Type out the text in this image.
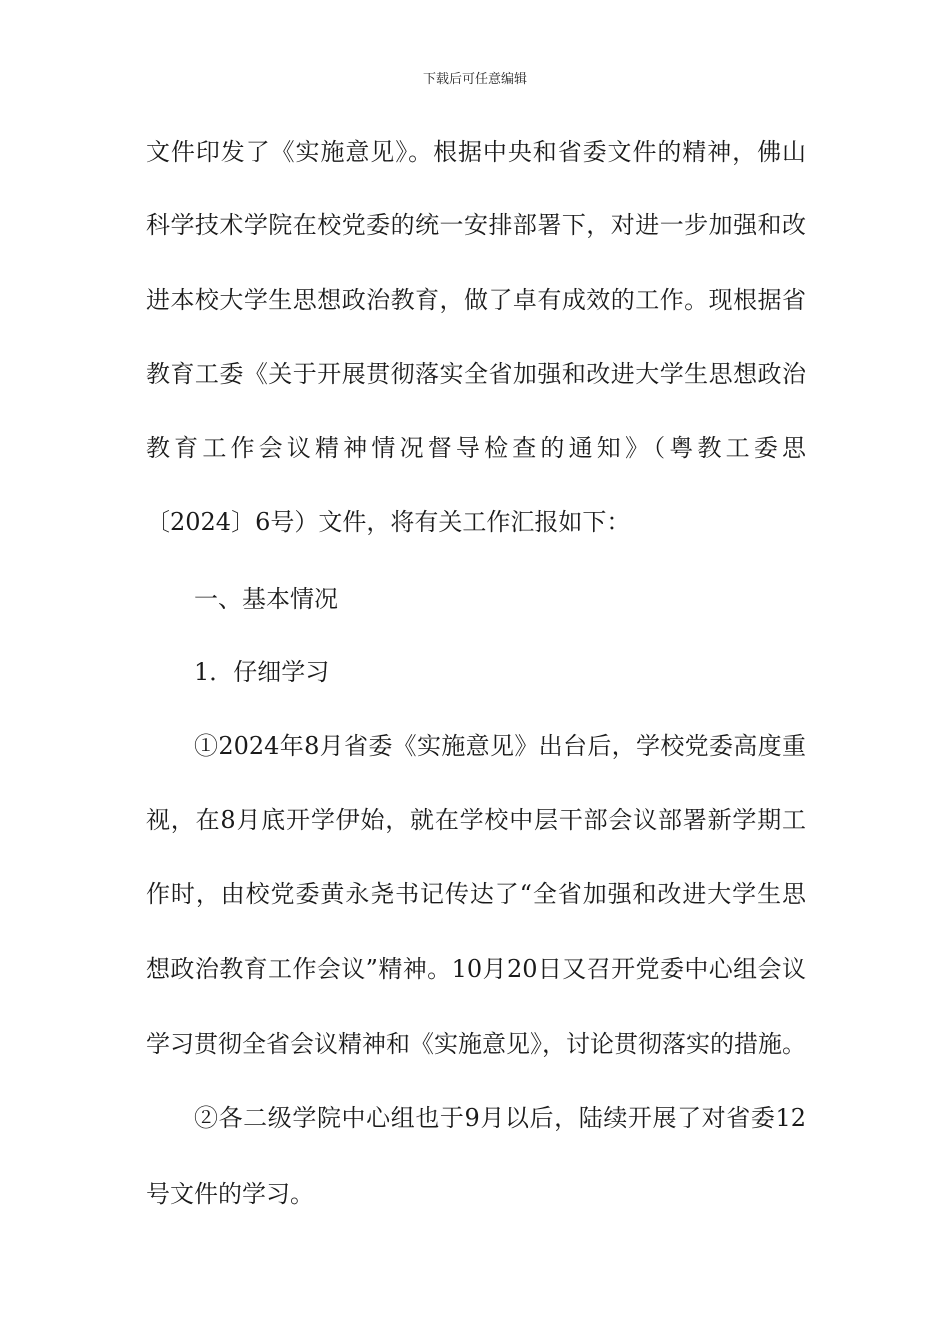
下载后可任意编辑
文件印发了《实施意见》。根据中央和省委文件的精神，佛山
科学技术学院在校党委的统一安排部署下，对进一步加强和改
进本校大学生思想政治教育，做了卓有成效的工作。现根据省
教育工委《关于开展贯彻落实全省加强和改进大学生思想政治
教育工作会议精神情况督导检查的通知》（粤教工委思
〔2024〕6号）文件，将有关工作汇报如下：
一、基本情况
1．仔细学习
①2024年8月省委《实施意见》出台后，学校党委高度重
视，在8月底开学伊始，就在学校中层干部会议部署新学期工
作时，由校党委黄永尧书记传达了“全省加强和改进大学生思
想政治教育工作会议”精神。10月20日又召开党委中心组会议
学习贯彻全省会议精神和《实施意见》，讨论贯彻落实的措施。
②各二级学院中心组也于9月以后，陆续开展了对省委12
号文件的学习。
